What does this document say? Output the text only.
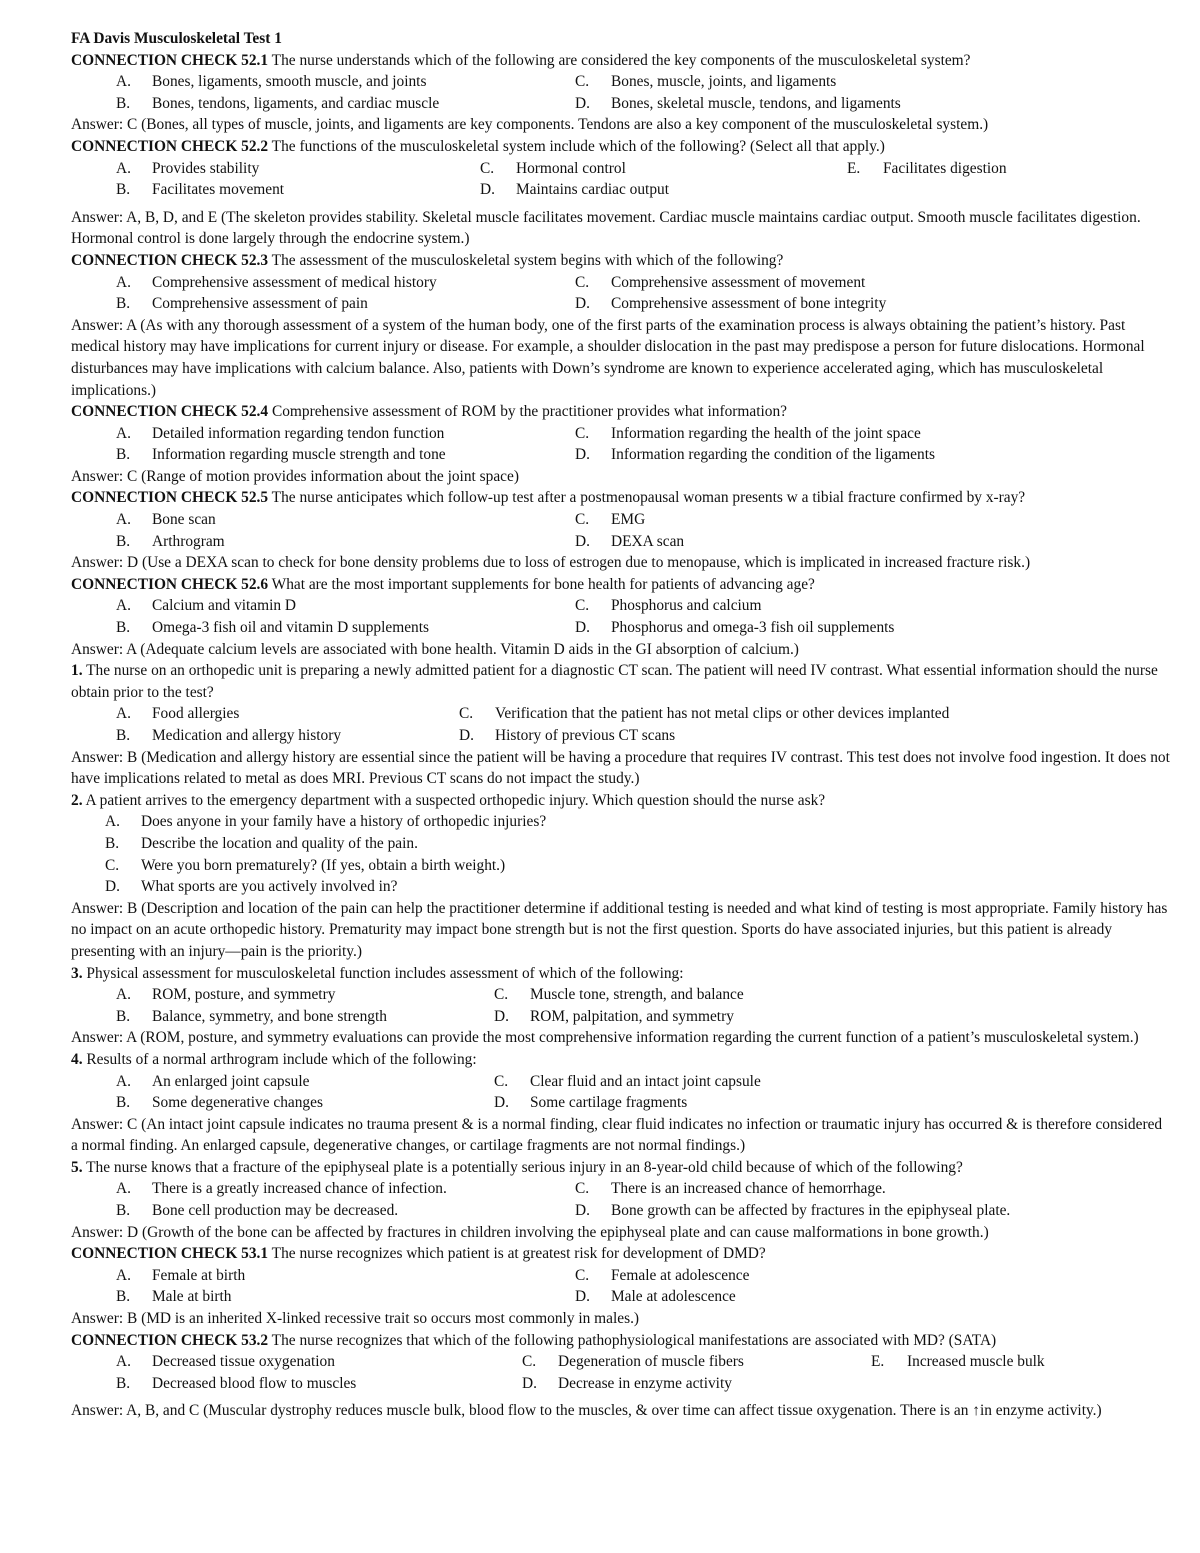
FA Davis Musculoskeletal Test 1
CONNECTION CHECK 52.1 The nurse understands which of the following are considered the key components of the musculoskeletal system?
A.	Bones, ligaments, smooth muscle, and joints	C.	Bones, muscle, joints, and ligaments
B.	Bones, tendons, ligaments, and cardiac muscle	D.	Bones, skeletal muscle, tendons, and ligaments
Answer: C (Bones, all types of muscle, joints, and ligaments are key components. Tendons are also a key component of the musculoskeletal system.)
CONNECTION CHECK 52.2 The functions of the musculoskeletal system include which of the following? (Select all that apply.)
A.	Provides stability	C.	Hormonal control	E.	Facilitates digestion
B.	Facilitates movement	D.	Maintains cardiac output
Answer: A, B, D, and E (The skeleton provides stability. Skeletal muscle facilitates movement. Cardiac muscle maintains cardiac output. Smooth muscle facilitates digestion. Hormonal control is done largely through the endocrine system.)
CONNECTION CHECK 52.3 The assessment of the musculoskeletal system begins with which of the following?
A.	Comprehensive assessment of medical history	C.	Comprehensive assessment of movement
B.	Comprehensive assessment of pain	D.	Comprehensive assessment of bone integrity
Answer: A (As with any thorough assessment of a system of the human body, one of the first parts of the examination process is always obtaining the patient’s history. Past medical history may have implications for current injury or disease. For example, a shoulder dislocation in the past may predispose a person for future dislocations. Hormonal disturbances may have implications with calcium balance. Also, patients with Down’s syndrome are known to experience accelerated aging, which has musculoskeletal implications.)
CONNECTION CHECK 52.4 Comprehensive assessment of ROM by the practitioner provides what information?
A.	Detailed information regarding tendon function	C.	Information regarding the health of the joint space
B.	Information regarding muscle strength and tone	D.	Information regarding the condition of the ligaments
Answer: C (Range of motion provides information about the joint space)
CONNECTION CHECK 52.5 The nurse anticipates which follow-up test after a postmenopausal woman presents w a tibial fracture confirmed by x-ray?
A.	Bone scan	C.	EMG
B.	Arthrogram	D.	DEXA scan
Answer: D (Use a DEXA scan to check for bone density problems due to loss of estrogen due to menopause, which is implicated in increased fracture risk.)
CONNECTION CHECK 52.6 What are the most important supplements for bone health for patients of advancing age?
A.	Calcium and vitamin D	C.	Phosphorus and calcium
B.	Omega-3 fish oil and vitamin D supplements	D.	Phosphorus and omega-3 fish oil supplements
Answer: A (Adequate calcium levels are associated with bone health. Vitamin D aids in the GI absorption of calcium.)
1. The nurse on an orthopedic unit is preparing a newly admitted patient for a diagnostic CT scan. The patient will need IV contrast. What essential information should the nurse obtain prior to the test?
A.	Food allergies	C.	Verification that the patient has not metal clips or other devices implanted
B.	Medication and allergy history	D.	History of previous CT scans
Answer: B (Medication and allergy history are essential since the patient will be having a procedure that requires IV contrast. This test does not involve food ingestion. It does not have implications related to metal as does MRI. Previous CT scans do not impact the study.)
2. A patient arrives to the emergency department with a suspected orthopedic injury. Which question should the nurse ask?
A.	Does anyone in your family have a history of orthopedic injuries?
B.	Describe the location and quality of the pain.
C.	Were you born prematurely? (If yes, obtain a birth weight.)
D.	What sports are you actively involved in?
Answer: B (Description and location of the pain can help the practitioner determine if additional testing is needed and what kind of testing is most appropriate. Family history has no impact on an acute orthopedic history. Prematurity may impact bone strength but is not the first question. Sports do have associated injuries, but this patient is already presenting with an injury—pain is the priority.)
3. Physical assessment for musculoskeletal function includes assessment of which of the following:
A.	ROM, posture, and symmetry	C.	Muscle tone, strength, and balance
B.	Balance, symmetry, and bone strength	D.	ROM, palpitation, and symmetry
Answer: A (ROM, posture, and symmetry evaluations can provide the most comprehensive information regarding the current function of a patient’s musculoskeletal system.)
4. Results of a normal arthrogram include which of the following:
A.	An enlarged joint capsule	C.	Clear fluid and an intact joint capsule
B.	Some degenerative changes	D.	Some cartilage fragments
Answer: C (An intact joint capsule indicates no trauma present & is a normal finding, clear fluid indicates no infection or traumatic injury has occurred & is therefore considered a normal finding. An enlarged capsule, degenerative changes, or cartilage fragments are not normal findings.)
5. The nurse knows that a fracture of the epiphyseal plate is a potentially serious injury in an 8-year-old child because of which of the following?
A.	There is a greatly increased chance of infection.	C.	There is an increased chance of hemorrhage.
B.	Bone cell production may be decreased.	D.	Bone growth can be affected by fractures in the epiphyseal plate.
Answer: D (Growth of the bone can be affected by fractures in children involving the epiphyseal plate and can cause malformations in bone growth.)
CONNECTION CHECK 53.1 The nurse recognizes which patient is at greatest risk for development of DMD?
A.	Female at birth	C.	Female at adolescence
B.	Male at birth	D.	Male at adolescence
Answer: B (MD is an inherited X-linked recessive trait so occurs most commonly in males.)
CONNECTION CHECK 53.2 The nurse recognizes that which of the following pathophysiological manifestations are associated with MD? (SATA)
A.	Decreased tissue oxygenation	C.	Degeneration of muscle fibers	E.	Increased muscle bulk
B.	Decreased blood flow to muscles	D.	Decrease in enzyme activity
Answer: A, B, and C (Muscular dystrophy reduces muscle bulk, blood flow to the muscles, & over time can affect tissue oxygenation. There is an ↑in enzyme activity.)
